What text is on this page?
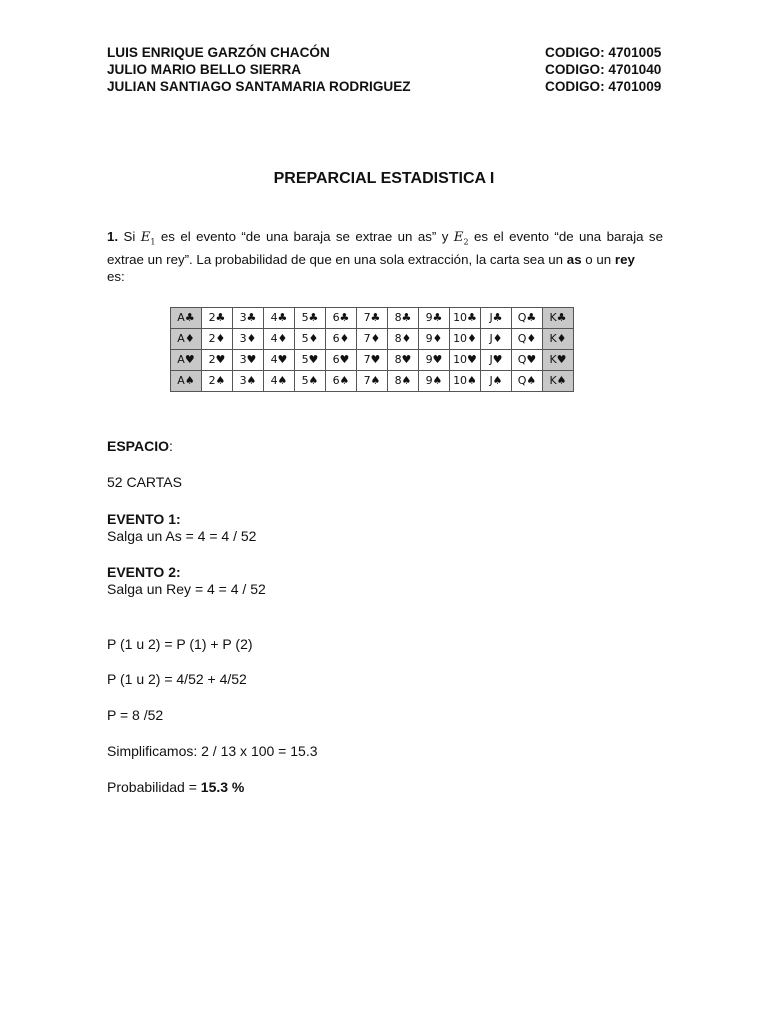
LUIS ENRIQUE GARZÓN CHACÓN	CODIGO: 4701005
JULIO MARIO BELLO SIERRA	CODIGO: 4701040
JULIAN SANTIAGO SANTAMARIA RODRIGUEZ	CODIGO: 4701009
PREPARCIAL ESTADISTICA I
1. Si $E_1$ es el evento “de una baraja se extrae un as” y $E_2$ es el evento “de una baraja se extrae un rey”. La probabilidad de que en una sola extracción, la carta sea un as o un rey
es:
A♣	2♣	3♣	4♣	5♣	6♣	7♣	8♣	9♣	10♣	J♣	Q♣	K♣
A♦	2♦	3♦	4♦	5♦	6♦	7♦	8♦	9♦	10♦	J♦	Q♦	K♦
A♥	2♥	3♥	4♥	5♥	6♥	7♥	8♥	9♥	10♥	J♥	Q♥	K♥
A♠	2♠	3♠	4♠	5♠	6♠	7♠	8♠	9♠	10♠	J♠	Q♠	K♠
ESPACIO:
52 CARTAS
EVENTO 1:
Salga un As = 4 = 4 / 52
EVENTO 2:
Salga un Rey = 4 = 4 / 52
P (1 u 2) = P (1) + P (2)
P (1 u 2) = 4/52 + 4/52
P = 8 /52
Simplificamos: 2 / 13 x 100 = 15.3
Probabilidad = 15.3 %
